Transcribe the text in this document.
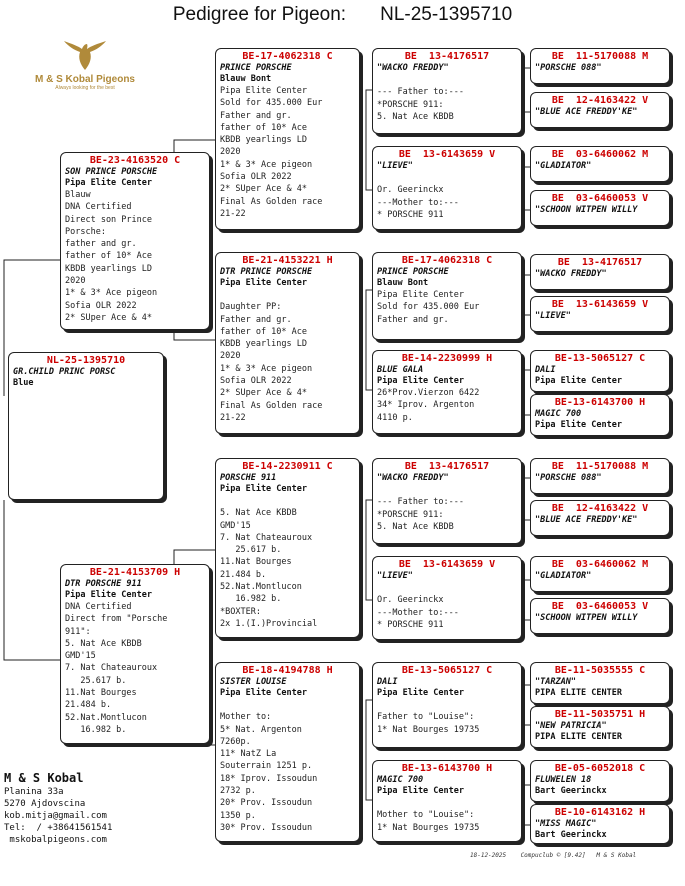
Pedigree for Pigeon: NL-25-1395710
M & S Kobal Pigeons
Always looking for the best
NL-25-1395710
GR.CHILD PRINC PORSC
Blue
BE-23-4163520 C
SON PRINCE PORSCHE
Pipa Elite Center
Blauw
DNA Certified
Direct son Prince
Porsche:
father and gr.
father of 10* Ace
KBDB yearlings LD
2020
1* & 3* Ace pigeon
Sofia OLR 2022
2* SUper Ace & 4*
BE-21-4153709 H
DTR PORSCHE 911
Pipa Elite Center
DNA Certified
Direct from "Porsche
911":
5. Nat Ace KBDB
GMD'15
7. Nat Chateauroux
25.617 b.
11.Nat Bourges
21.484 b.
52.Nat.Montlucon
16.982 b.
BE-17-4062318 C
PRINCE PORSCHE
Blauw Bont
Pipa Elite Center
Sold for 435.000 Eur
Father and gr.
father of 10* Ace
KBDB yearlings LD
2020
1* & 3* Ace pigeon
Sofia OLR 2022
2* SUper Ace & 4*
Final As Golden race
21-22
BE-21-4153221 H
DTR PRINCE PORSCHE
Pipa Elite Center

Daughter PP:
Father and gr.
father of 10* Ace
KBDB yearlings LD
2020
1* & 3* Ace pigeon
Sofia OLR 2022
2* SUper Ace & 4*
Final As Golden race
21-22
BE-14-2230911 C
PORSCHE 911
Pipa Elite Center

5. Nat Ace KBDB
GMD'15
7. Nat Chateauroux
25.617 b.
11.Nat Bourges
21.484 b.
52.Nat.Montlucon
16.982 b.
*BOXTER:
2x 1.(I.)Provincial
BE-18-4194788 H
SISTER LOUISE
Pipa Elite Center

Mother to:
5* Nat. Argenton
7260p.
11* NatZ La
Souterrain 1251 p.
18* Iprov. Issoudun
2732 p.
20* Prov. Issoudun
1350 p.
30* Prov. Issoudun
BE  13-4176517
"WACKO FREDDY"

--- Father to:---
*PORSCHE 911:
5. Nat Ace KBDB
BE  13-6143659 V
"LIEVE"

Or. Geerinckx
---Mother to:---
* PORSCHE 911
BE-17-4062318 C
PRINCE PORSCHE
Blauw Bont
Pipa Elite Center
Sold for 435.000 Eur
Father and gr.
BE-14-2230999 H
BLUE GALA
Pipa Elite Center
26*Prov.Vierzon 6422
34* Iprov. Argenton
4110 p.
BE  13-4176517
"WACKO FREDDY"

--- Father to:---
*PORSCHE 911:
5. Nat Ace KBDB
BE  13-6143659 V
"LIEVE"

Or. Geerinckx
---Mother to:---
* PORSCHE 911
BE-13-5065127 C
DALI
Pipa Elite Center

Father to "Louise":
1* Nat Bourges 19735
BE-13-6143700 H
MAGIC 700
Pipa Elite Center

Mother to "Louise":
1* Nat Bourges 19735
BE  11-5170088 M
"PORSCHE 088"
BE  12-4163422 V
"BLUE ACE FREDDY'KE"
BE  03-6460062 M
"GLADIATOR"
BE  03-6460053 V
"SCHOON WITPEN WILLY
BE  13-4176517
"WACKO FREDDY"
BE  13-6143659 V
"LIEVE"
BE-13-5065127 C
DALI
Pipa Elite Center
BE-13-6143700 H
MAGIC 700
Pipa Elite Center
BE  11-5170088 M
"PORSCHE 088"
BE  12-4163422 V
"BLUE ACE FREDDY'KE"
BE  03-6460062 M
"GLADIATOR"
BE  03-6460053 V
"SCHOON WITPEN WILLY
BE-11-5035555 C
"TARZAN"
PIPA ELITE CENTER
BE-11-5035751 H
"NEW PATRICIA"
PIPA ELITE CENTER
BE-05-6052018 C
FLUWELEN 18
Bart Geerinckx
BE-10-6143162 H
"MISS MAGIC"
Bart Geerinckx
M & S Kobal
Planina 33a
5270 Ajdovscina
kob.mitja@gmail.com
Tel:  / +38641561541
mskobalpigeons.com
18-12-2025    Compuclub © [9.42]   M & S Kobal
